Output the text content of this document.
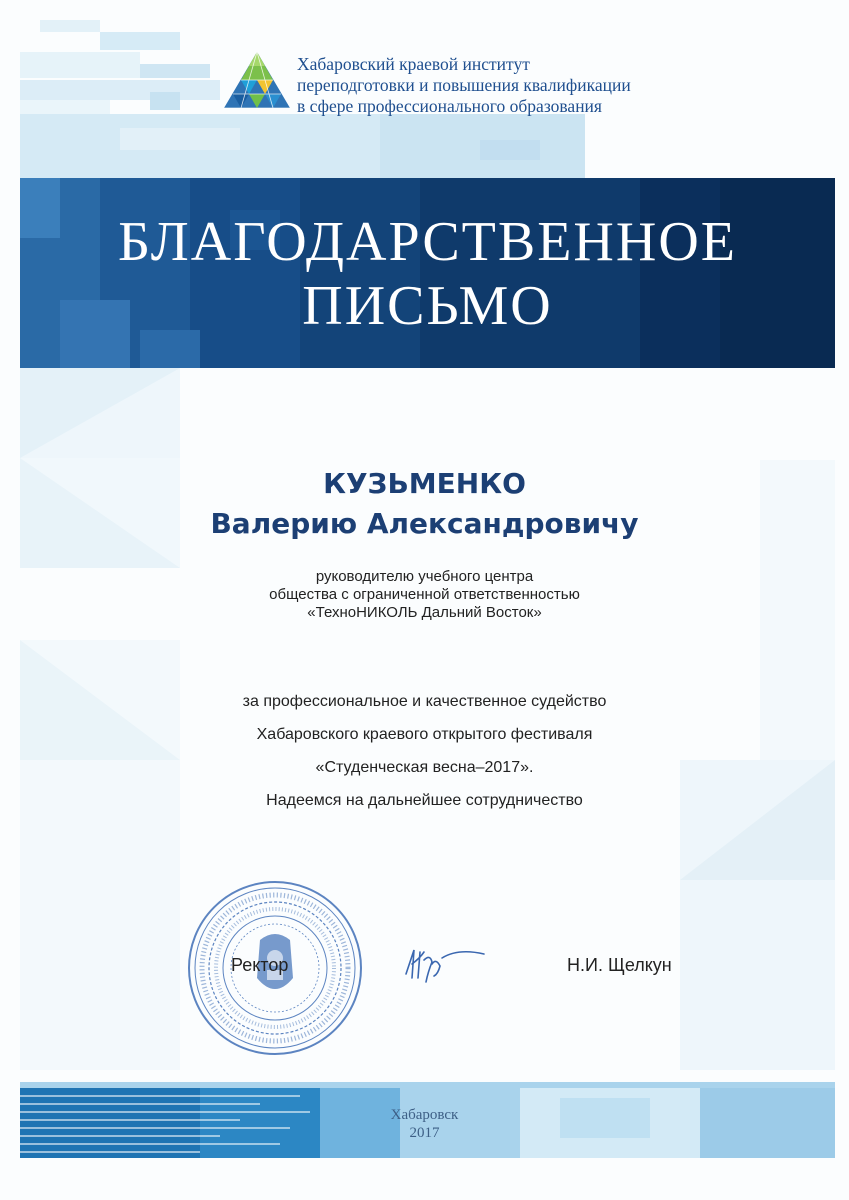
Хабаровский краевой институт
переподготовки и повышения квалификации
в сфере профессионального образования
БЛАГОДАРСТВЕННОЕ
ПИСЬМО
КУЗЬМЕНКО
Валерию Александровичу
руководителю учебного центра
общества с ограниченной ответственностью
«ТехноНИКОЛЬ Дальний Восток»
за профессиональное и качественное судейство
Хабаровского краевого открытого фестиваля
«Студенческая весна–2017».
Надеемся на дальнейшее сотрудничество
Ректор	Н.И. Щелкун
Хабаровск
2017
